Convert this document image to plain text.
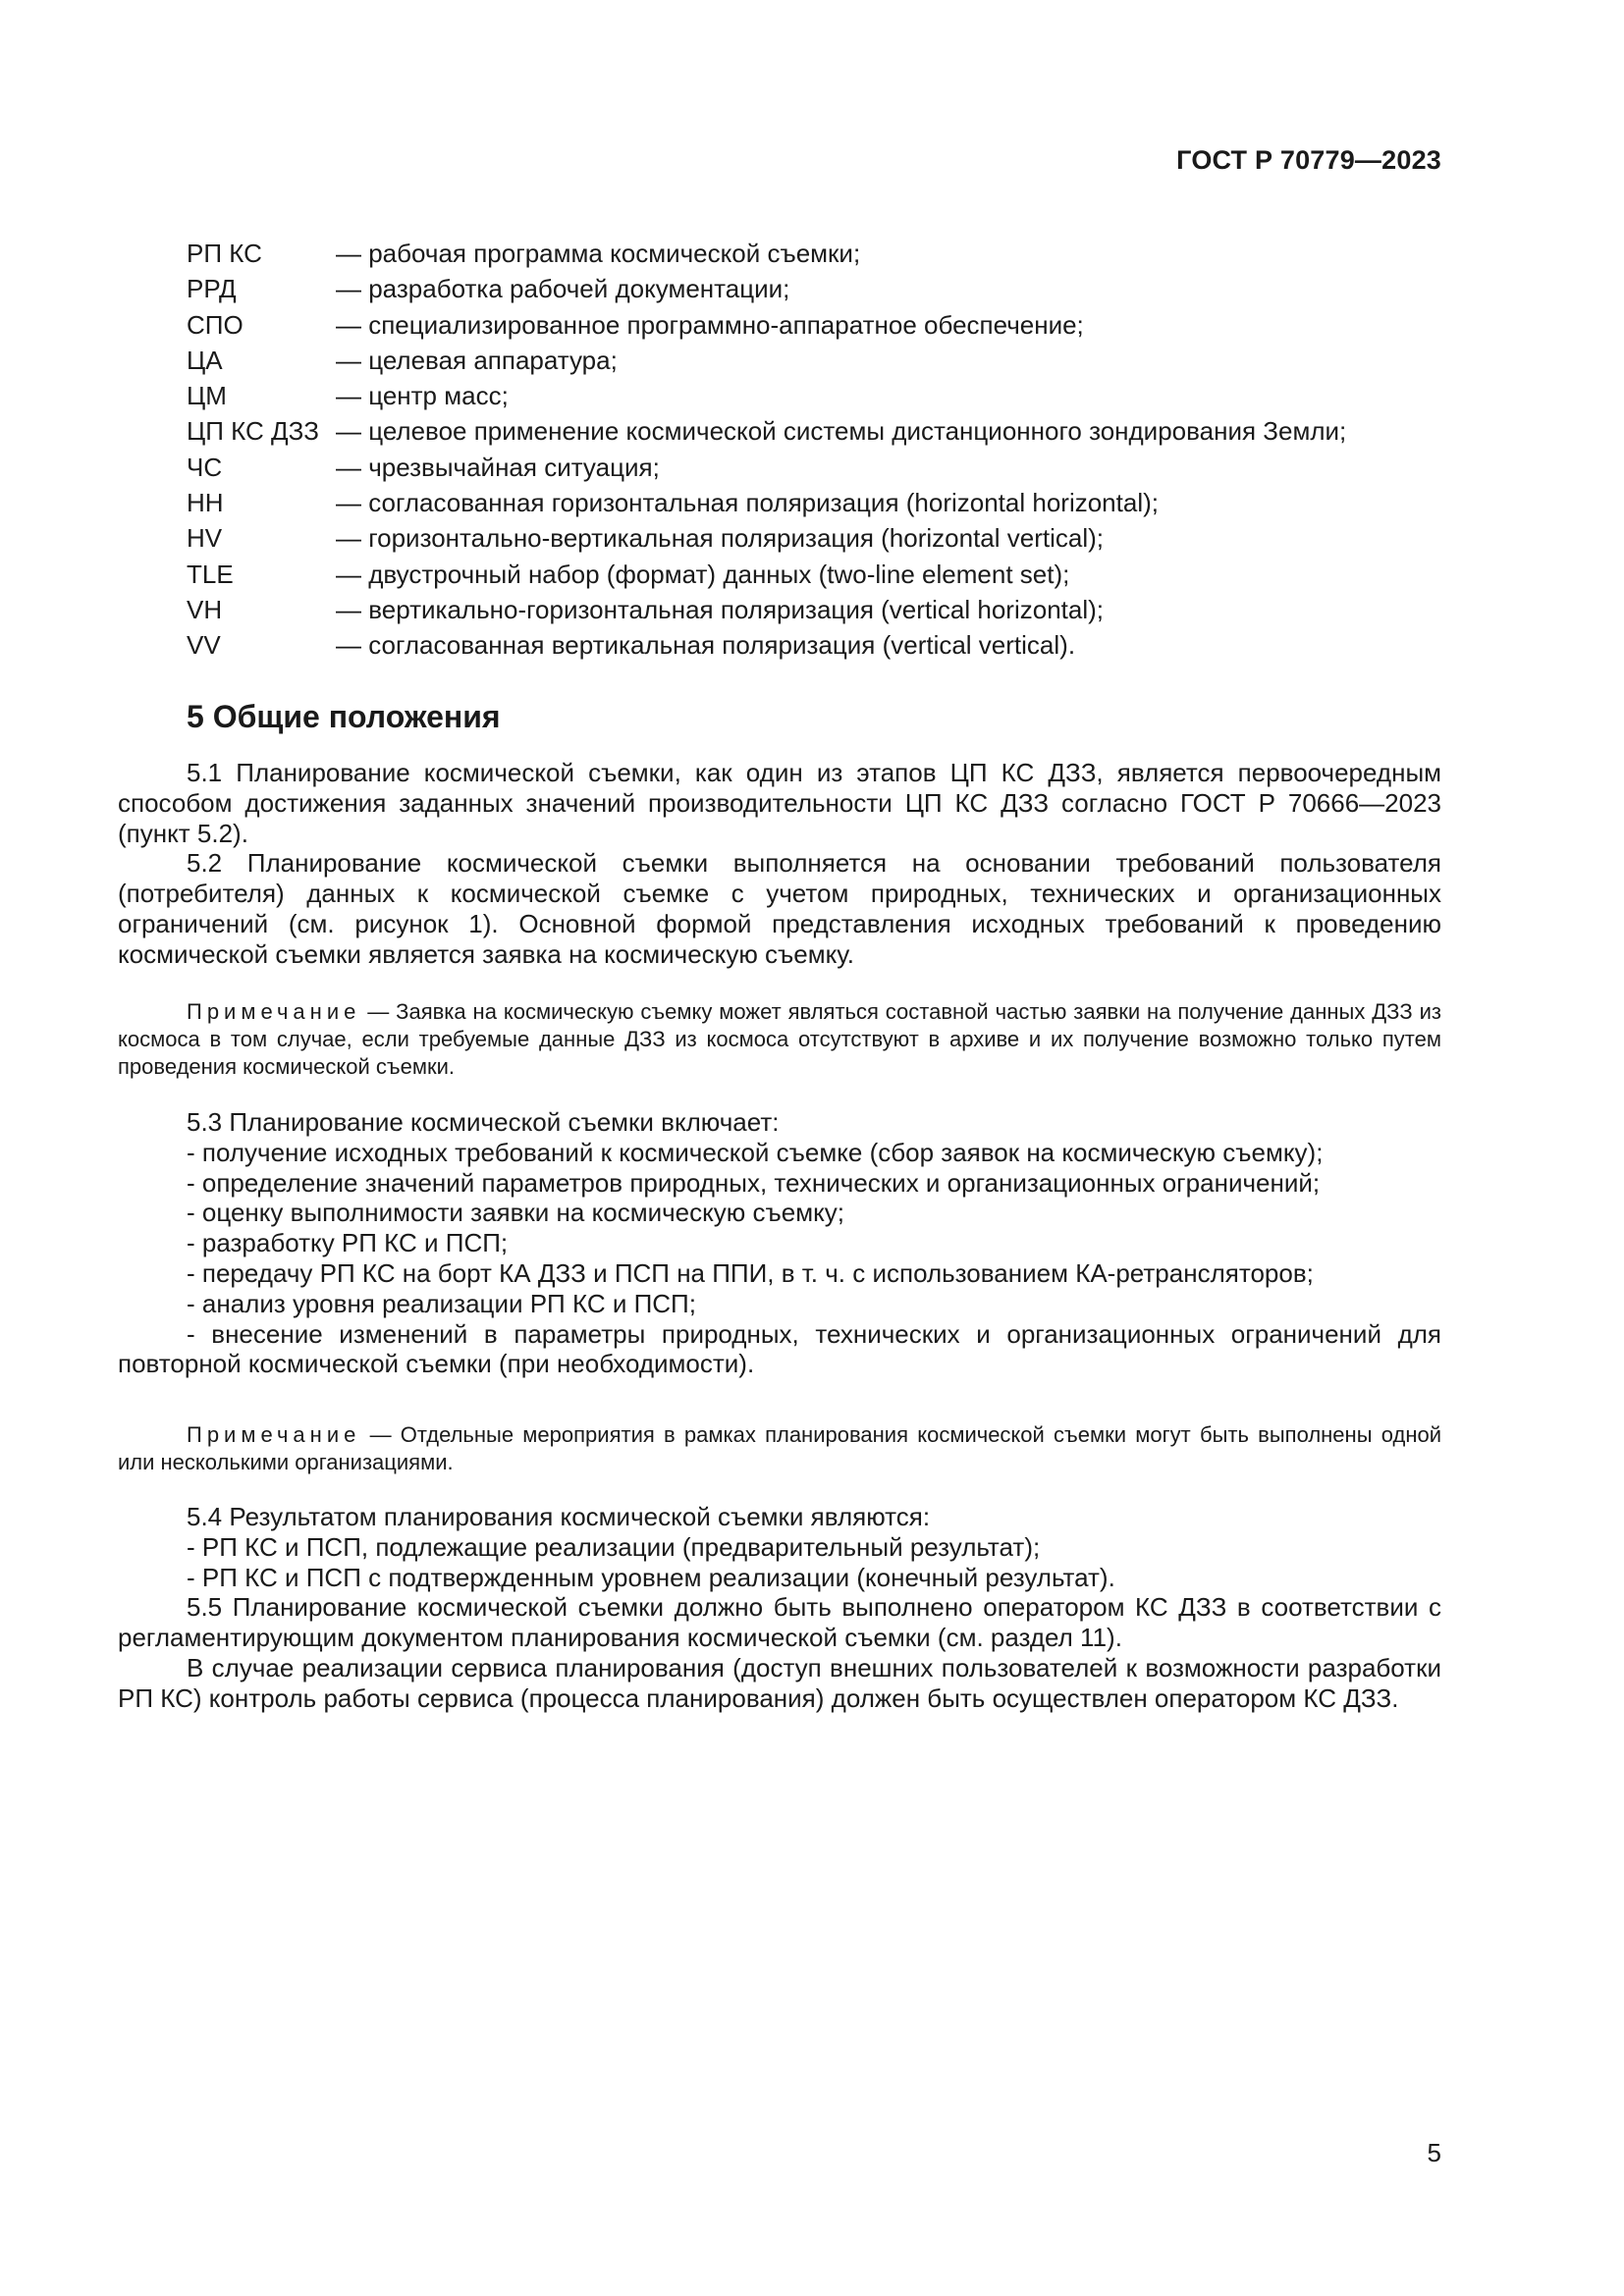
ГОСТ Р 70779—2023
РП КС	— рабочая программа космической съемки;
РРД	— разработка рабочей документации;
СПО	— специализированное программно-аппаратное обеспечение;
ЦА	— целевая аппаратура;
ЦМ	— центр масс;
ЦП КС ДЗЗ — целевое применение космической системы дистанционного зондирования Земли;
ЧС	— чрезвычайная ситуация;
HH	— согласованная горизонтальная поляризация (horizontal horizontal);
HV	— горизонтально-вертикальная поляризация (horizontal vertical);
TLE	— двустрочный набор (формат) данных (two-line element set);
VH	— вертикально-горизонтальная поляризация (vertical horizontal);
VV	— согласованная вертикальная поляризация (vertical vertical).
5 Общие положения

5.1 Планирование космической съемки, как один из этапов ЦП КС ДЗЗ, является первоочередным способом достижения заданных значений производительности ЦП КС ДЗЗ согласно ГОСТ Р 70666—2023 (пункт 5.2).

5.2 Планирование космической съемки выполняется на основании требований пользователя (потребителя) данных к космической съемке с учетом природных, технических и организационных ограничений (см. рисунок 1). Основной формой представления исходных требований к проведению космической съемки является заявка на космическую съемку.

Примечание — Заявка на космическую съемку может являться составной частью заявки на получение данных ДЗЗ из космоса в том случае, если требуемые данные ДЗЗ из космоса отсутствуют в архиве и их получение возможно только путем проведения космической съемки.

5.3 Планирование космической съемки включает:

- получение исходных требований к космической съемке (сбор заявок на космическую съемку);

- определение значений параметров природных, технических и организационных ограничений;

- оценку выполнимости заявки на космическую съемку;

- разработку РП КС и ПСП;

- передачу РП КС на борт КА ДЗЗ и ПСП на ППИ, в т. ч. с использованием КА-ретрансляторов;

- анализ уровня реализации РП КС и ПСП;

- внесение изменений в параметры природных, технических и организационных ограничений для повторной космической съемки (при необходимости).

Примечание — Отдельные мероприятия в рамках планирования космической съемки могут быть выполнены одной или несколькими организациями.

5.4 Результатом планирования космической съемки являются:

- РП КС и ПСП, подлежащие реализации (предварительный результат);

- РП КС и ПСП с подтвержденным уровнем реализации (конечный результат).

5.5 Планирование космической съемки должно быть выполнено оператором КС ДЗЗ в соответствии с регламентирующим документом планирования космической съемки (см. раздел 11).

В случае реализации сервиса планирования (доступ внешних пользователей к возможности разработки РП КС) контроль работы сервиса (процесса планирования) должен быть осуществлен оператором КС ДЗЗ.

5
